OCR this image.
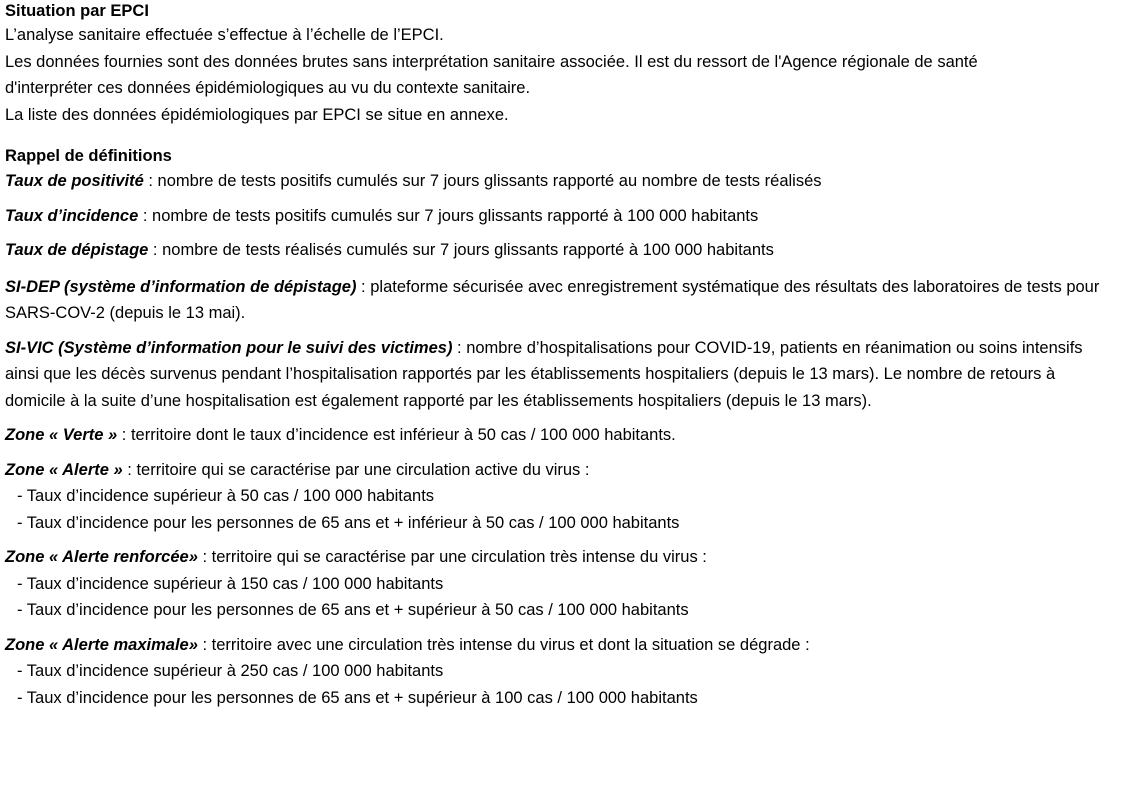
Situation par EPCI
L’analyse sanitaire effectuée s’effectue à l’échelle de l’EPCI.
Les données fournies sont des données brutes sans interprétation sanitaire associée. Il est du ressort de l'Agence régionale de santé
d'interpréter ces données épidémiologiques au vu du contexte sanitaire.
La liste des données épidémiologiques par EPCI se situe en annexe.
Rappel de définitions
Taux de positivité : nombre de tests positifs cumulés sur 7 jours glissants rapporté au nombre de tests réalisés
Taux d’incidence : nombre de tests positifs cumulés sur 7 jours glissants rapporté à 100 000 habitants
Taux de dépistage : nombre de tests réalisés cumulés sur 7 jours glissants rapporté à 100 000 habitants
SI-DEP (système d’information de dépistage) : plateforme sécurisée avec enregistrement systématique des résultats des laboratoires de tests pour SARS-COV-2 (depuis le 13 mai).
SI-VIC (Système d’information pour le suivi des victimes) : nombre d’hospitalisations pour COVID-19, patients en réanimation ou soins intensifs ainsi que les décès survenus pendant l’hospitalisation rapportés par les établissements hospitaliers (depuis le 13 mars). Le nombre de retours à domicile à la suite d’une hospitalisation est également rapporté par les établissements hospitaliers (depuis le 13 mars).
Zone « Verte » : territoire dont le taux d’incidence est inférieur à 50 cas / 100 000 habitants.
Zone « Alerte » : territoire qui se caractérise par une circulation active du virus :
- Taux d’incidence supérieur à 50 cas / 100 000 habitants
- Taux d’incidence pour les personnes de 65 ans et + inférieur à 50 cas / 100 000 habitants
Zone « Alerte renforcée» : territoire qui se caractérise par une circulation très intense du virus :
- Taux d’incidence supérieur à 150 cas / 100 000 habitants
- Taux d’incidence pour les personnes de 65 ans et + supérieur à 50 cas / 100 000 habitants
Zone « Alerte maximale» : territoire avec une circulation très intense du virus et dont la situation se dégrade :
- Taux d’incidence supérieur à 250 cas / 100 000 habitants
- Taux d’incidence pour les personnes de 65 ans et + supérieur à 100 cas / 100 000 habitants
